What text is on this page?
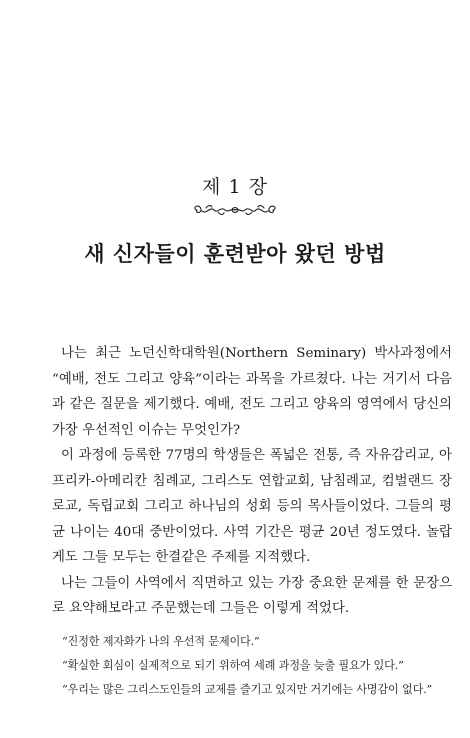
제 1 장
새 신자들이 훈련받아 왔던 방법

나는 최근 노던신학대학원(Northern Seminary) 박사과정에서 “예배, 전도 그리고 양육”이라는 과목을 가르쳤다. 나는 거기서 다음과 같은 질문을 제기했다. 예배, 전도 그리고 양육의 영역에서 당신의 가장 우선적인 이슈는 무엇인가?

이 과정에 등록한 77명의 학생들은 폭넓은 전통, 즉 자유감리교, 아프리카-아메리칸 침례교, 그리스도 연합교회, 남침례교, 컴벌랜드 장로교, 독립교회 그리고 하나님의 성회 등의 목사들이었다. 그들의 평균 나이는 40대 중반이었다. 사역 기간은 평균 20년 정도였다. 놀랍게도 그들 모두는 한결같은 주제를 지적했다.

나는 그들이 사역에서 직면하고 있는 가장 중요한 문제를 한 문장으로 요약해보라고 주문했는데 그들은 이렇게 적었다.

“진정한 제자화가 나의 우선적 문제이다.”
“확실한 회심이 실제적으로 되기 위하여 세례 과정을 늦출 필요가 있다.”
“우리는 많은 그리스도인들의 교제를 즐기고 있지만 거기에는 사명감이 없다.”
